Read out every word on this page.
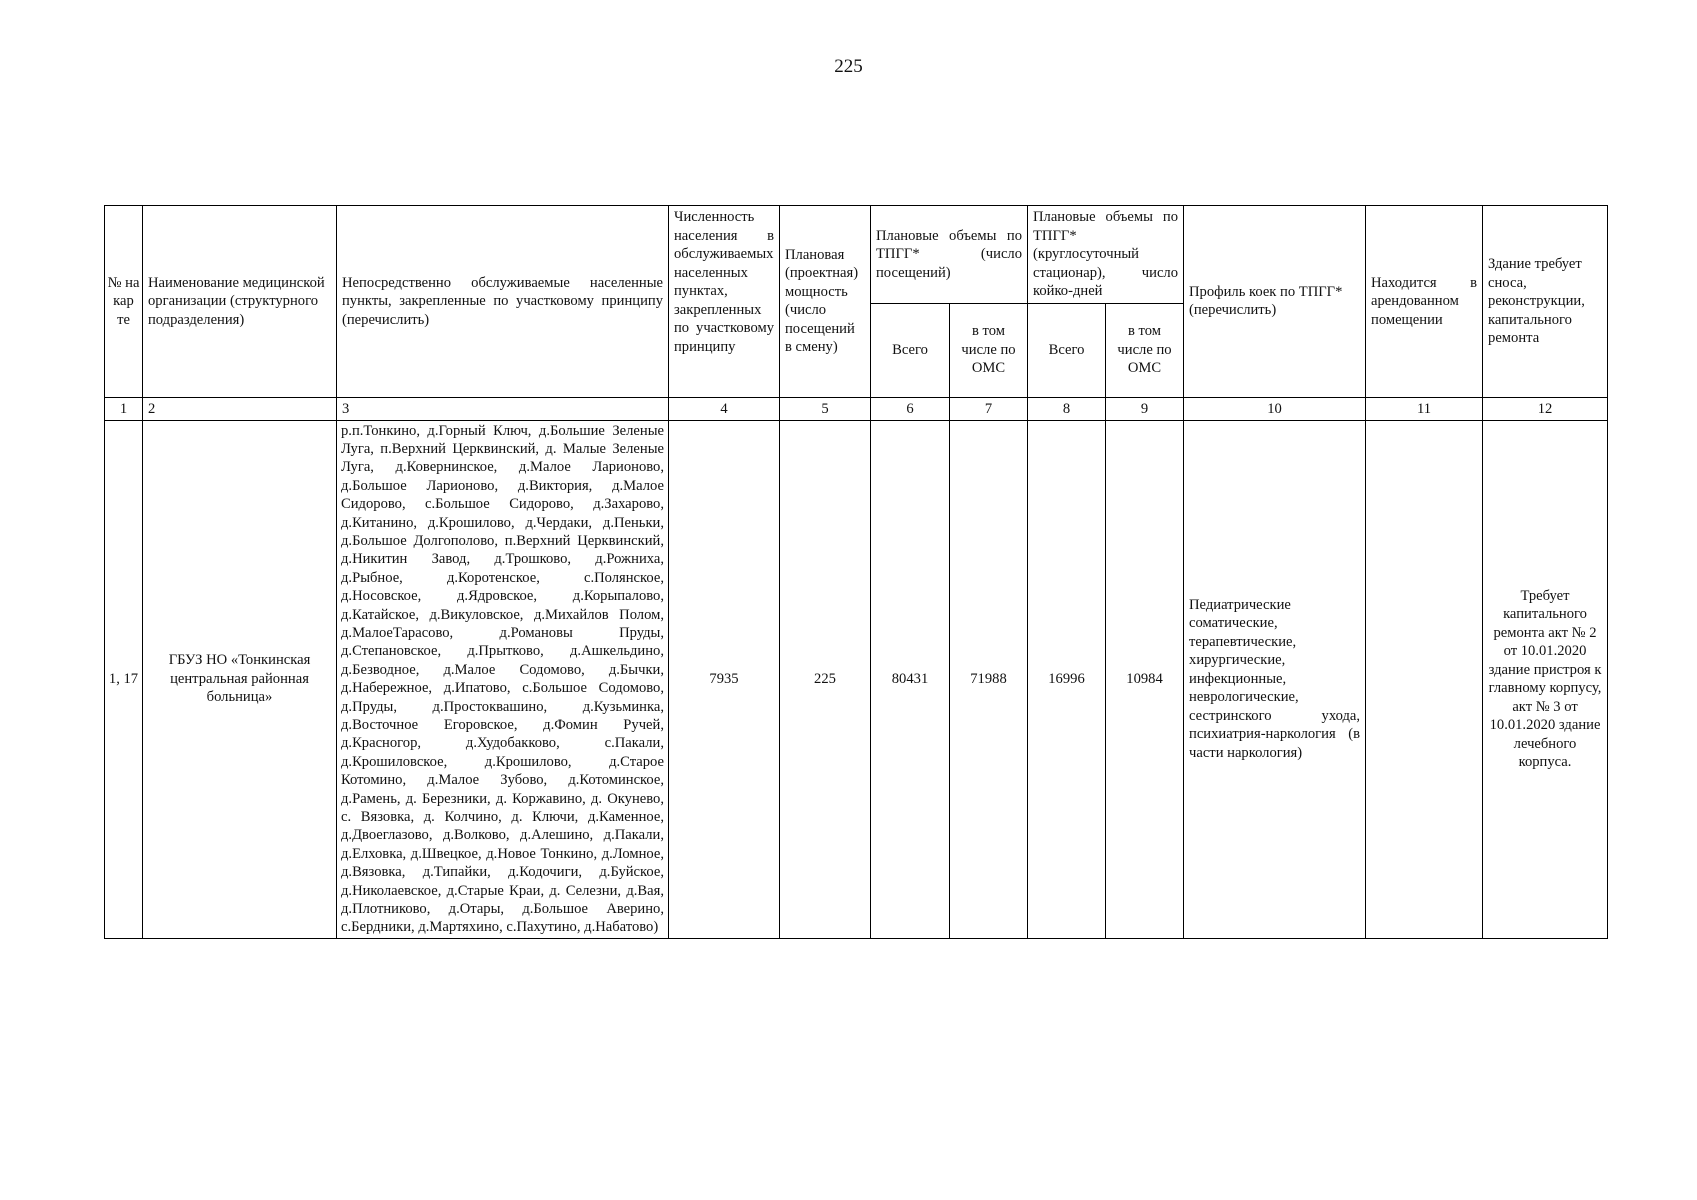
225
№ на кар те	Наименование медицинской организации (структурного подразделения)	Непосредственно обслуживаемые населенные пункты, закрепленные по участковому принципу (перечислить)	Численность населения в обслуживаемых населенных пунктах, закрепленных по участковому принципу	Плановая (проектная) мощность (число посещений в смену)	Плановые объемы по ТПГГ* (число посещений)		Плановые объемы по ТПГГ* (круглосуточный стационар), число койко-дней		Профиль коек по ТПГГ* (перечислить)	Находится в арендованном помещении	Здание требует сноса, реконструкции, капитального ремонта
					Всего	в том числе по ОМС	Всего	в том числе по ОМС			
1	2	3	4	5	6	7	8	9	10	11	12
1, 17	ГБУЗ НО «Тонкинская центральная районная больница»	р.п.Тонкино, д.Горный Ключ, д.Большие Зеленые Луга, п.Верхний Церквинский, д. Малые Зеленые Луга, д.Ковернинское, д.Малое Ларионово, д.Большое Ларионово, д.Виктория, д.Малое Сидорово, с.Большое Сидорово, д.Захарово, д.Китанино, д.Крошилово, д.Чердаки, д.Пеньки, д.Большое Долгополово, п.Верхний Церквинский, д.Никитин Завод, д.Трошково, д.Рожниха, д.Рыбное, д.Коротенское, с.Полянское, д.Носовское, д.Ядровское, д.Корыпалово, д.Катайское, д.Викуловское, д.Михайлов Полом, д.МалоеТарасово, д.Романовы Пруды, д.Степановское, д.Прытково, д.Ашкельдино, д.Безводное, д.Малое Содомово, д.Бычки, д.Набережное, д.Ипатово, с.Большое Содомово, д.Пруды, д.Простоквашино, д.Кузьминка, д.Восточное Егоровское, д.Фомин Ручей, д.Красногор, д.Худобакково, с.Пакали, д.Крошиловское, д.Крошилово, д.Старое Котомино, д.Малое Зубово, д.Котоминское, д.Рамень, д. Березники, д. Коржавино, д. Окунево, с. Вязовка, д. Колчино, д. Ключи, д.Каменное, д.Двоеглазово, д.Волково, д.Алешино, д.Пакали, д.Елховка, д.Швецкое, д.Новое Тонкино, д.Ломное, д.Вязовка, д.Типайки, д.Кодочиги, д.Буйское, д.Николаевское, д.Старые Краи, д. Селезни, д.Вая, д.Плотниково, д.Отары, д.Большое Аверино, с.Бердники, д.Мартяхино, с.Пахутино, д.Набатово)	7935	225	80431	71988	16996	10984	Педиатрические соматические, терапевтические, хирургические, инфекционные, неврологические, сестринского ухода, психиатрия-наркология (в части наркология)		Требует капитального ремонта акт № 2 от 10.01.2020 здание пристроя к главному корпусу, акт № 3 от 10.01.2020 здание лечебного корпуса.
